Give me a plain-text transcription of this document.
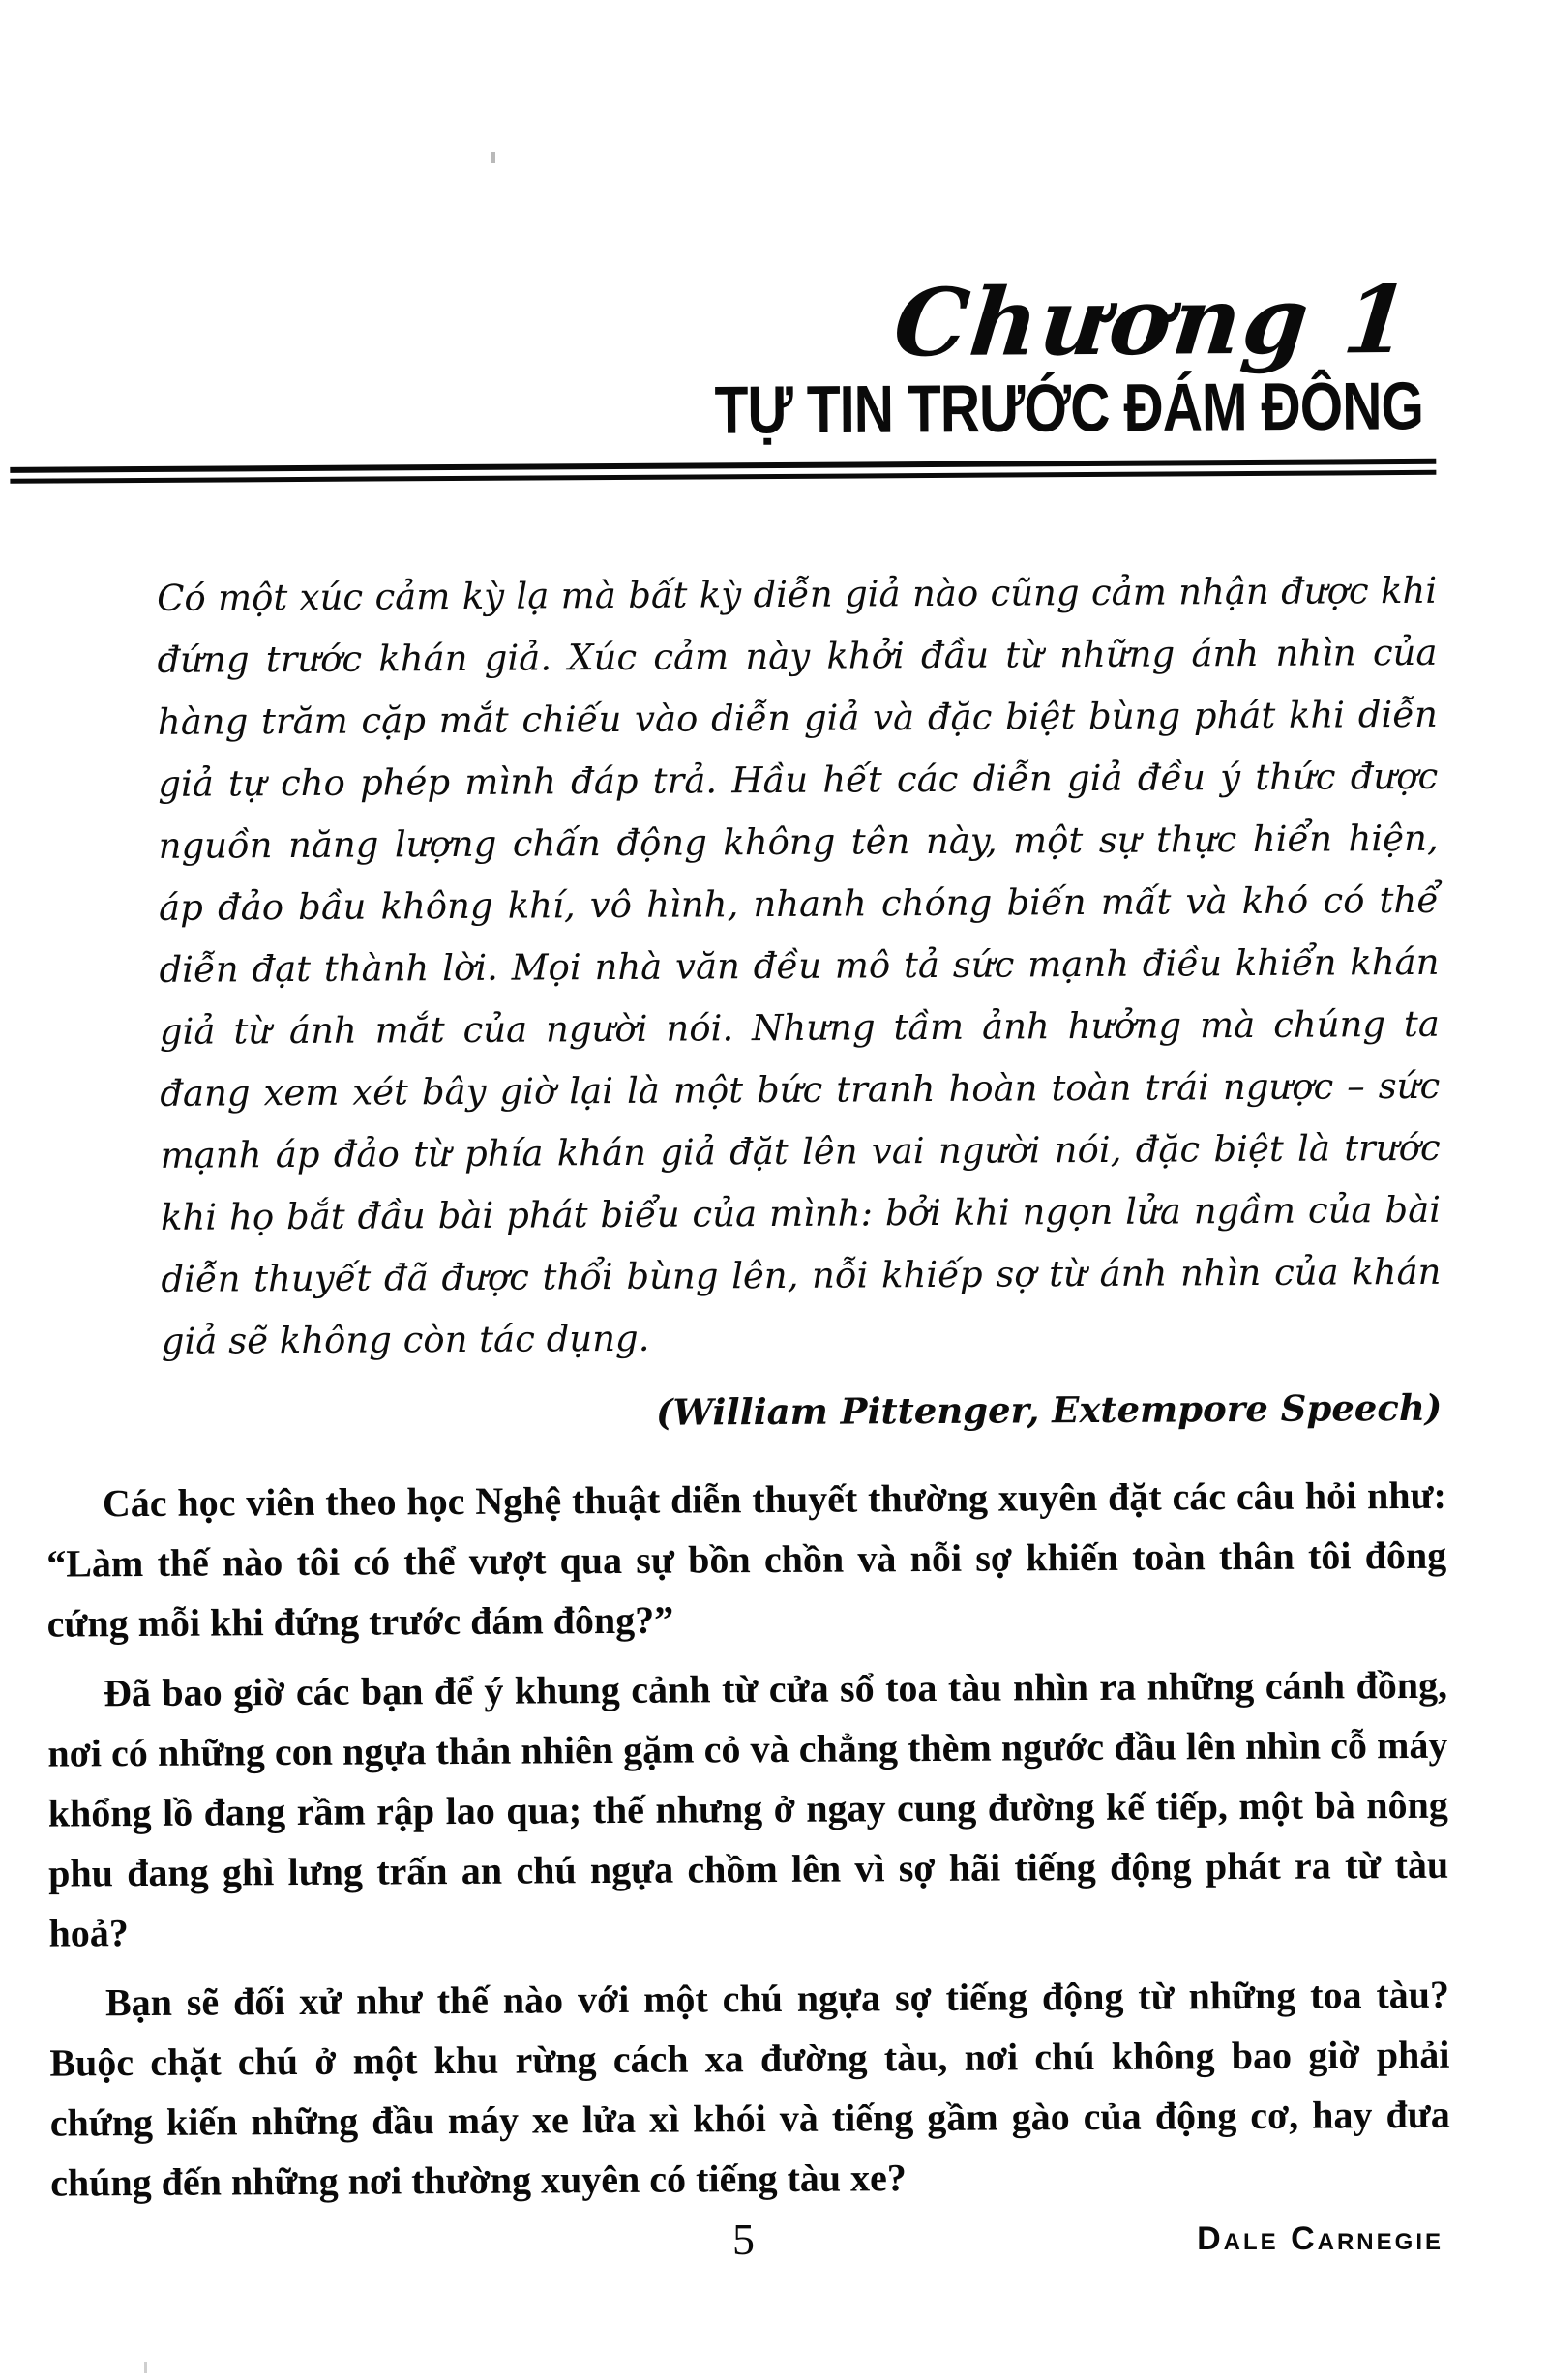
Chương 1
TỰ TIN TRƯỚC ĐÁM ĐÔNG
Có một xúc cảm kỳ lạ mà bất kỳ diễn giả nào cũng cảm nhận được khi đứng trước khán giả. Xúc cảm này khởi đầu từ những ánh nhìn của hàng trăm cặp mắt chiếu vào diễn giả và đặc biệt bùng phát khi diễn giả tự cho phép mình đáp trả. Hầu hết các diễn giả đều ý thức được nguồn năng lượng chấn động không tên này, một sự thực hiển hiện, áp đảo bầu không khí, vô hình, nhanh chóng biến mất và khó có thể diễn đạt thành lời. Mọi nhà văn đều mô tả sức mạnh điều khiển khán giả từ ánh mắt của người nói. Nhưng tầm ảnh hưởng mà chúng ta đang xem xét bây giờ lại là một bức tranh hoàn toàn trái ngược – sức mạnh áp đảo từ phía khán giả đặt lên vai người nói, đặc biệt là trước khi họ bắt đầu bài phát biểu của mình: bởi khi ngọn lửa ngầm của bài diễn thuyết đã được thổi bùng lên, nỗi khiếp sợ từ ánh nhìn của khán giả sẽ không còn tác dụng.
(William Pittenger, Extempore Speech)

Các học viên theo học Nghệ thuật diễn thuyết thường xuyên đặt các câu hỏi như: “Làm thế nào tôi có thể vượt qua sự bồn chồn và nỗi sợ khiến toàn thân tôi đông cứng mỗi khi đứng trước đám đông?”

Đã bao giờ các bạn để ý khung cảnh từ cửa sổ toa tàu nhìn ra những cánh đồng, nơi có những con ngựa thản nhiên gặm cỏ và chẳng thèm ngước đầu lên nhìn cỗ máy khổng lồ đang rầm rập lao qua; thế nhưng ở ngay cung đường kế tiếp, một bà nông phu đang ghì lưng trấn an chú ngựa chồm lên vì sợ hãi tiếng động phát ra từ tàu hoả?

Bạn sẽ đối xử như thế nào với một chú ngựa sợ tiếng động từ những toa tàu? Buộc chặt chú ở một khu rừng cách xa đường tàu, nơi chú không bao giờ phải chứng kiến những đầu máy xe lửa xì khói và tiếng gầm gào của động cơ, hay đưa chúng đến những nơi thường xuyên có tiếng tàu xe?

5	Dale Carnegie
